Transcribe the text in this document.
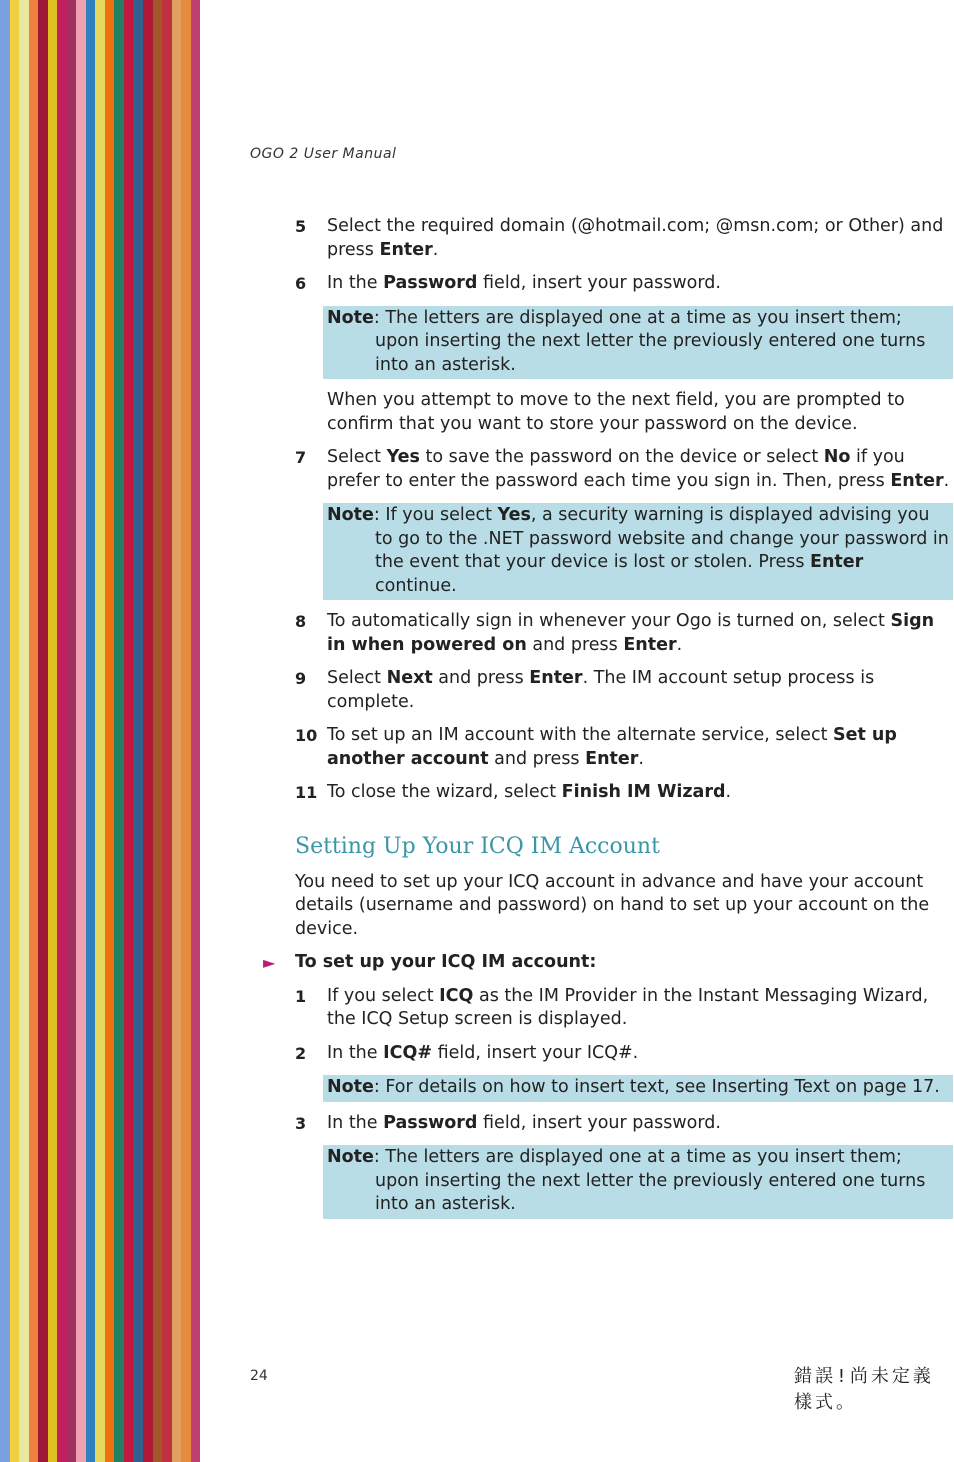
OGO 2 User Manual
5 Select the required domain (@hotmail.com; @msn.com; or Other) and press Enter.

6 In the Password field, insert your password.

Note: The letters are displayed one at a time as you insert them; upon inserting the next letter the previously entered one turns into an asterisk.

When you attempt to move to the next field, you are prompted to confirm that you want to store your password on the device.

7 Select Yes to save the password on the device or select No if you prefer to enter the password each time you sign in. Then, press Enter.

Note: If you select Yes, a security warning is displayed advising you to go to the .NET password website and change your password in the event that your device is lost or stolen. Press Enter continue.

8 To automatically sign in whenever your Ogo is turned on, select Sign in when powered on and press Enter.

9 Select Next and press Enter. The IM account setup process is complete.

10 To set up an IM account with the alternate service, select Set up another account and press Enter.

11 To close the wizard, select Finish IM Wizard.

Setting Up Your ICQ IM Account

You need to set up your ICQ account in advance and have your account details (username and password) on hand to set up your account on the device.

► To set up your ICQ IM account:
1 If you select ICQ as the IM Provider in the Instant Messaging Wizard, the ICQ Setup screen is displayed.

2 In the ICQ# field, insert your ICQ#.

Note: For details on how to insert text, see Inserting Text on page 17.

3 In the Password field, insert your password.

Note: The letters are displayed one at a time as you insert them; upon inserting the next letter the previously entered one turns into an asterisk.

24	錯誤!尚未定義樣式。
